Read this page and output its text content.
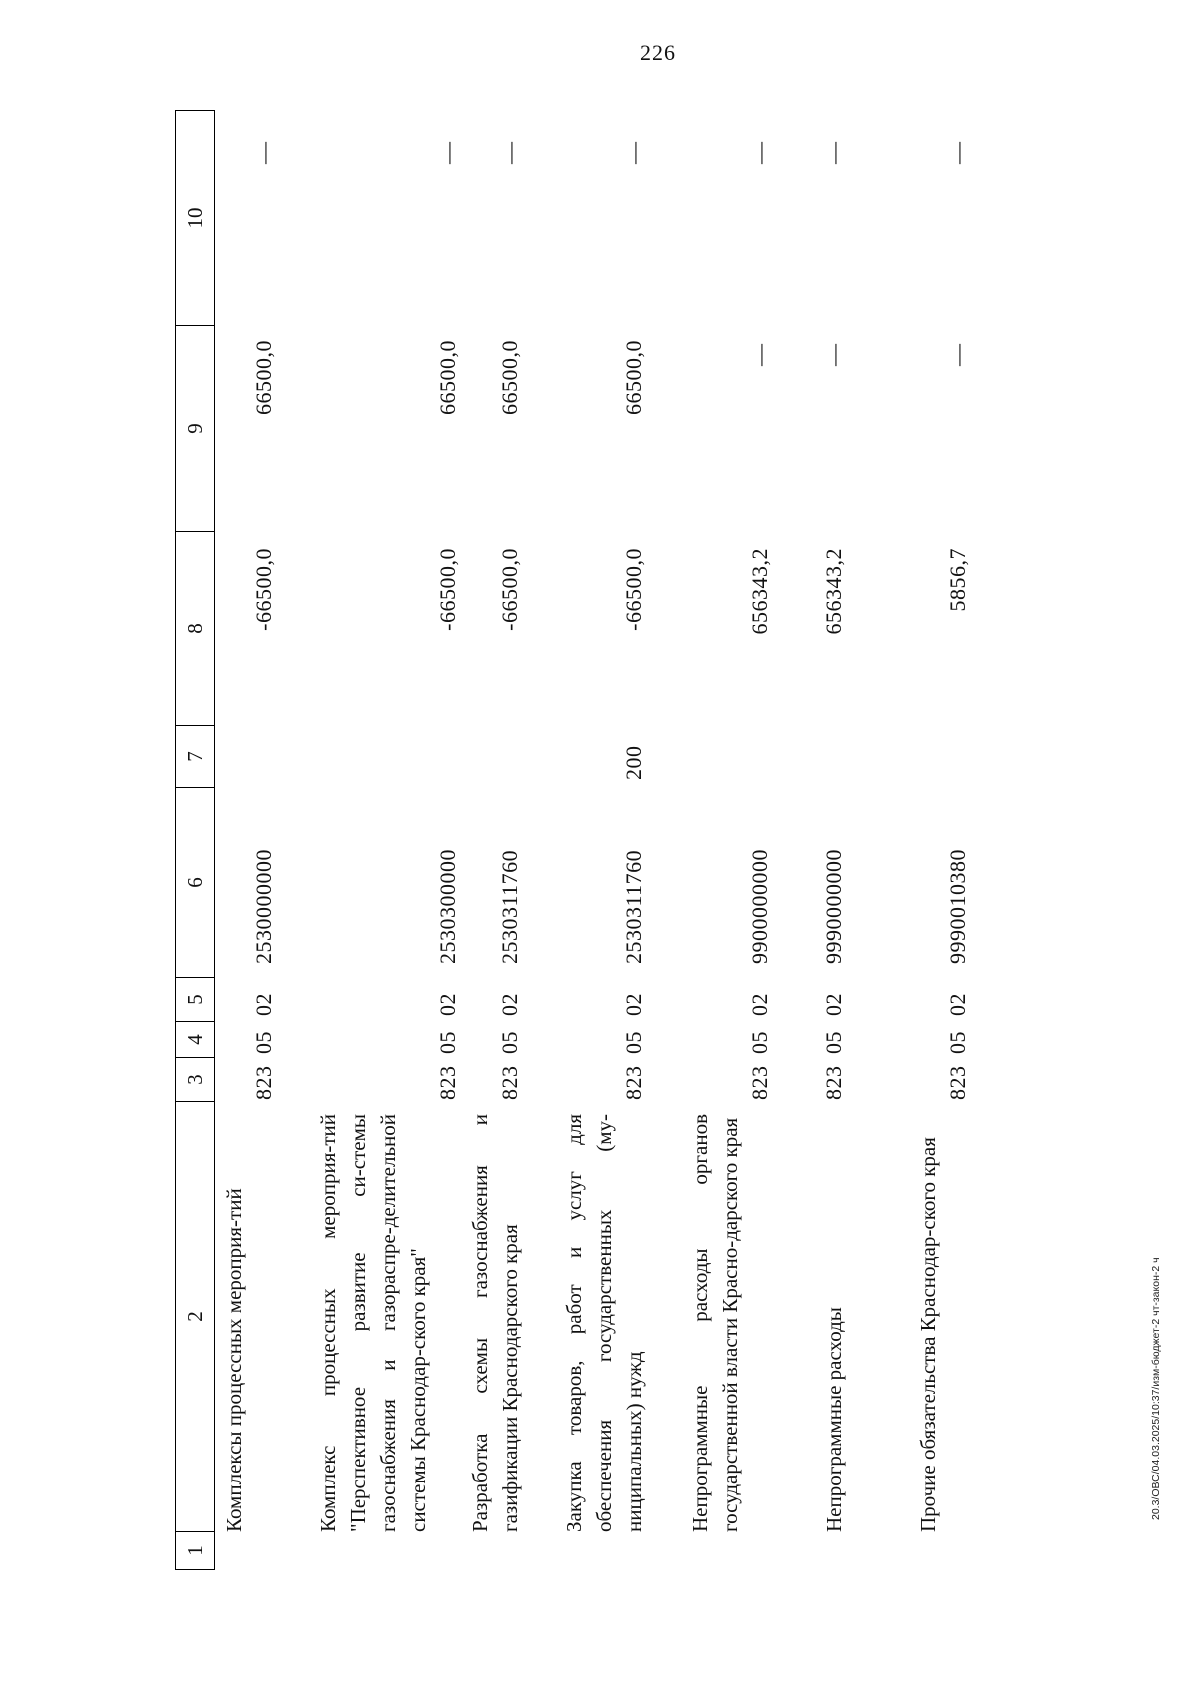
226
20.3/ОВС/04.03.2025/10:37/изм-бюджет-2 чт-закон-2 ч
1
2
3
4
5
6
7
8
9
10
Комплексы процессных мероприя-тий
823
05
02
2530000000
-66500,0
66500,0
—
Комплекс процессных мероприя-тий "Перспективное развитие си-стемы газоснабжения и газораспре-делительной системы Краснодар-ского края"
823
05
02
2530300000
-66500,0
66500,0
—
Разработка схемы газоснабжения и газификации Краснодарского края
823
05
02
2530311760
-66500,0
66500,0
—
Закупка товаров, работ и услуг для обеспечения государственных (му-ниципальных) нужд
823
05
02
2530311760
200
-66500,0
66500,0
—
Непрограммные расходы органов государственной власти Красно-дарского края
823
05
02
9900000000
656343,2
—
—
Непрограммные расходы
823
05
02
9990000000
656343,2
—
—
Прочие обязательства Краснодар-ского края
823
05
02
9990010380
5856,7
—
—
